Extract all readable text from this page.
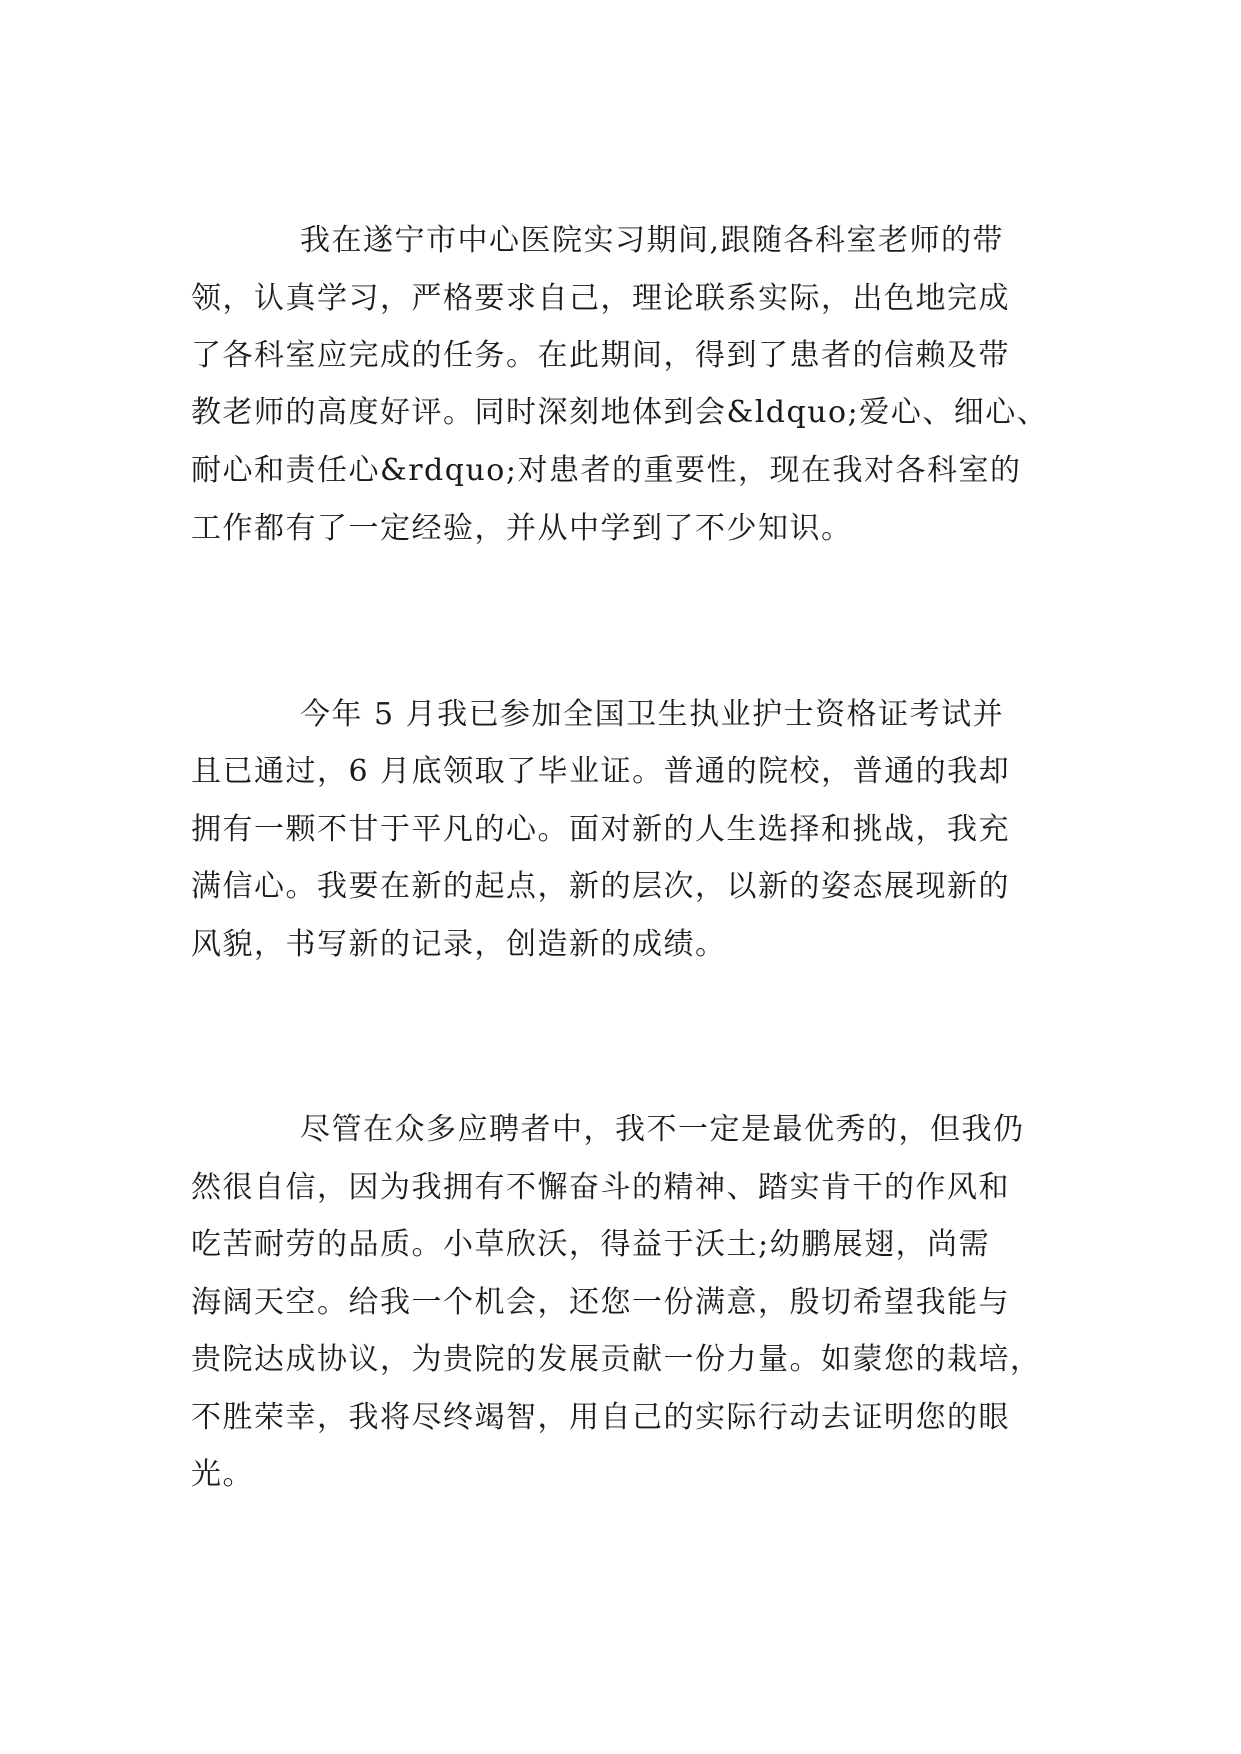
我在遂宁市中心医院实习期间,跟随各科室老师的带
领，认真学习，严格要求自己，理论联系实际，出色地完成
了各科室应完成的任务。在此期间，得到了患者的信赖及带
教老师的高度好评。同时深刻地体到会&ldquo;爱心、细心、
耐心和责任心&rdquo;对患者的重要性，现在我对各科室的
工作都有了一定经验，并从中学到了不少知识。
今年 5 月我已参加全国卫生执业护士资格证考试并
且已通过，6 月底领取了毕业证。普通的院校，普通的我却
拥有一颗不甘于平凡的心。面对新的人生选择和挑战，我充
满信心。我要在新的起点，新的层次，以新的姿态展现新的
风貌，书写新的记录，创造新的成绩。
尽管在众多应聘者中，我不一定是最优秀的，但我仍
然很自信，因为我拥有不懈奋斗的精神、踏实肯干的作风和
吃苦耐劳的品质。小草欣沃，得益于沃土;幼鹏展翅，尚需
海阔天空。给我一个机会，还您一份满意，殷切希望我能与
贵院达成协议，为贵院的发展贡献一份力量。如蒙您的栽培，
不胜荣幸，我将尽终竭智，用自己的实际行动去证明您的眼
光。
